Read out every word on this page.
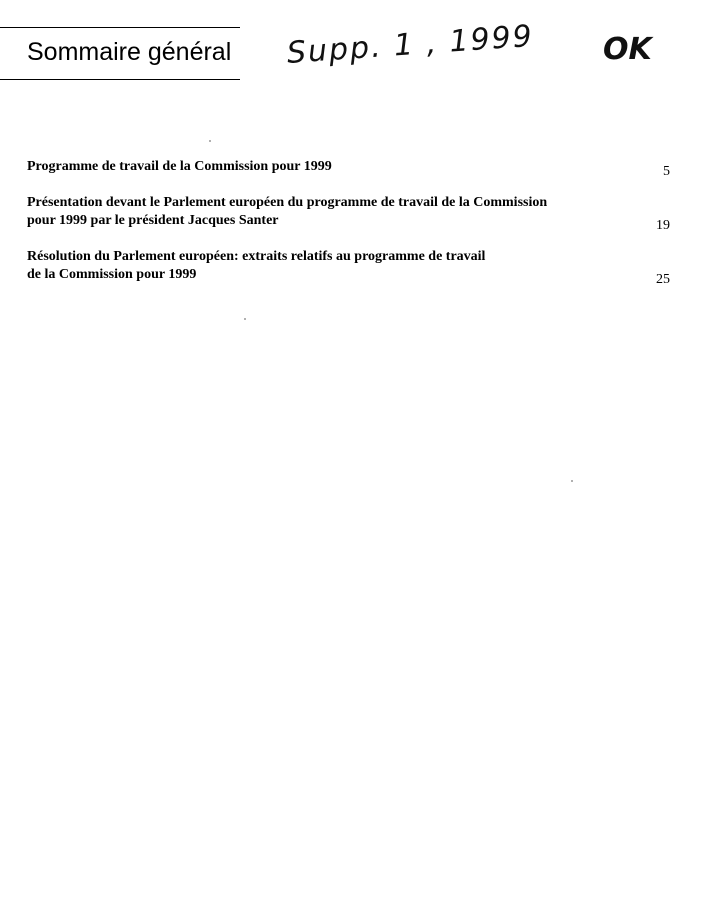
Sommaire général Supp. 1 , 1999 OK
Programme de travail de la Commission pour 1999	5
Présentation devant le Parlement européen du programme de travail de la Commission
pour 1999 par le président Jacques Santer	19
Résolution du Parlement européen: extraits relatifs au programme de travail
de la Commission pour 1999	25
